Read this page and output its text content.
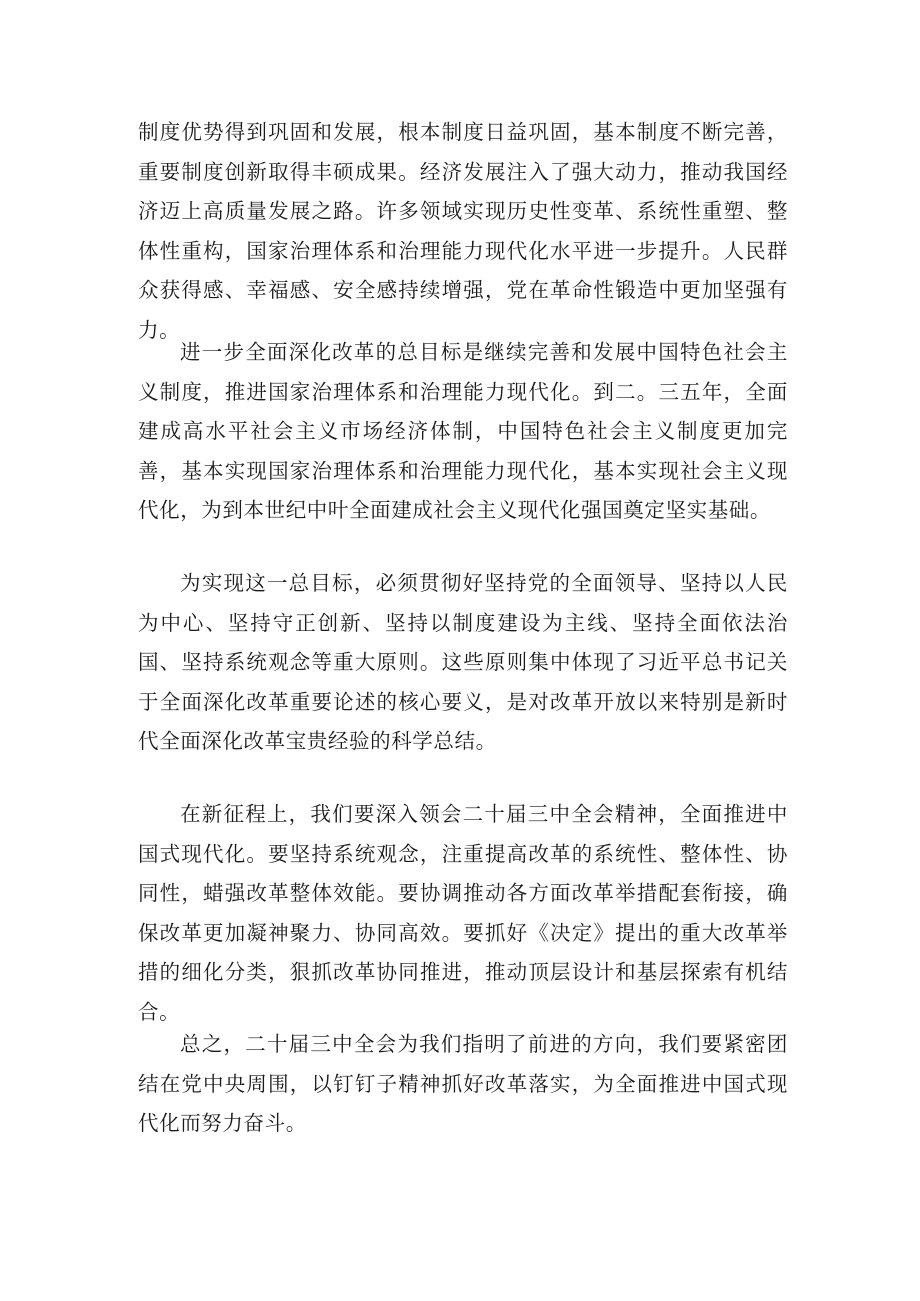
制度优势得到巩固和发展，根本制度日益巩固，基本制度不断完善，重要制度创新取得丰硕成果。经济发展注入了强大动力，推动我国经济迈上高质量发展之路。许多领域实现历史性变革、系统性重塑、整体性重构，国家治理体系和治理能力现代化水平进一步提升。人民群众获得感、幸福感、安全感持续增强，党在革命性锻造中更加坚强有力。

进一步全面深化改革的总目标是继续完善和发展中国特色社会主义制度，推进国家治理体系和治理能力现代化。到二。三五年，全面建成高水平社会主义市场经济体制，中国特色社会主义制度更加完善，基本实现国家治理体系和治理能力现代化，基本实现社会主义现代化，为到本世纪中叶全面建成社会主义现代化强国奠定坚实基础。

为实现这一总目标，必须贯彻好坚持党的全面领导、坚持以人民为中心、坚持守正创新、坚持以制度建设为主线、坚持全面依法治国、坚持系统观念等重大原则。这些原则集中体现了习近平总书记关于全面深化改革重要论述的核心要义，是对改革开放以来特别是新时代全面深化改革宝贵经验的科学总结。

在新征程上，我们要深入领会二十届三中全会精神，全面推进中国式现代化。要坚持系统观念，注重提高改革的系统性、整体性、协同性，蜡强改革整体效能。要协调推动各方面改革举措配套衔接，确保改革更加凝神聚力、协同高效。要抓好《决定》提出的重大改革举措的细化分类，狠抓改革协同推进，推动顶层设计和基层探索有机结合。

总之，二十届三中全会为我们指明了前进的方向，我们要紧密团结在党中央周围，以钉钉子精神抓好改革落实，为全面推进中国式现代化而努力奋斗。
